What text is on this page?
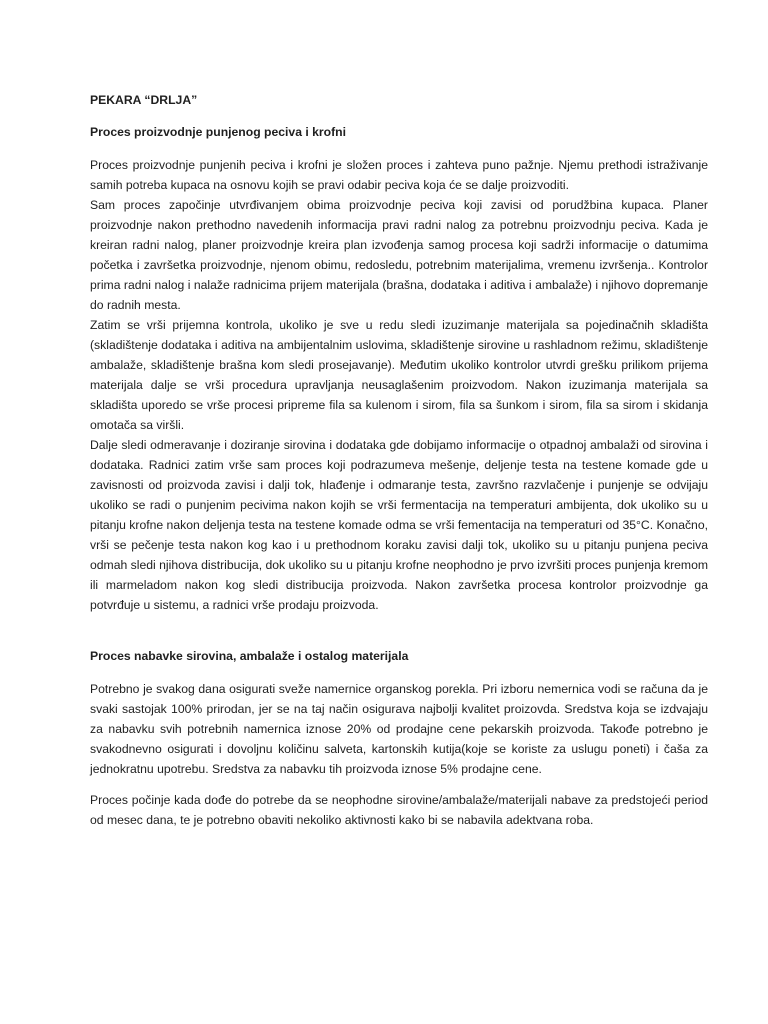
PEKARA “DRLJA”
Proces proizvodnje punjenog peciva i krofni

Proces proizvodnje punjenih peciva i krofni je složen proces i zahteva puno pažnje. Njemu prethodi istraživanje samih potreba kupaca na osnovu kojih se pravi odabir peciva koja će se dalje proizvoditi.

Sam proces započinje utvrđivanjem obima proizvodnje peciva koji zavisi od porudžbina kupaca. Planer proizvodnje nakon prethodno navedenih informacija pravi radni nalog za potrebnu proizvodnju peciva. Kada je kreiran radni nalog, planer proizvodnje kreira plan izvođenja samog procesa koji sadrži informacije o datumima početka i završetka proizvodnje, njenom obimu, redosledu, potrebnim materijalima, vremenu izvršenja.. Kontrolor prima radni nalog i nalaže radnicima prijem materijala (brašna, dodataka i aditiva i ambalaže) i njihovo dopremanje do radnih mesta.

Zatim se vrši prijemna kontrola, ukoliko je sve u redu sledi izuzimanje materijala sa pojedinačnih skladišta (skladištenje dodataka i aditiva na ambijentalnim uslovima, skladištenje sirovine u rashladnom režimu, skladištenje ambalaže, skladištenje brašna kom sledi prosejavanje). Međutim ukoliko kontrolor utvrdi grešku prilikom prijema materijala dalje se vrši procedura upravljanja neusaglašenim proizvodom. Nakon izuzimanja materijala sa skladišta uporedo se vrše procesi pripreme fila sa kulenom i sirom, fila sa šunkom i sirom, fila sa sirom i skidanja omotača sa viršli.

Dalje sledi odmeravanje i doziranje sirovina i dodataka gde dobijamo informacije o otpadnoj ambalaži od sirovina i dodataka. Radnici zatim vrše sam proces koji podrazumeva mešenje, deljenje testa na testene komade gde u zavisnosti od proizvoda zavisi i dalji tok, hlađenje i odmaranje testa, završno razvlačenje i punjenje se odvijaju ukoliko se radi o punjenim pecivima nakon kojih se vrši fermentacija na temperaturi ambijenta, dok ukoliko su u pitanju krofne nakon deljenja testa na testene komade odma se vrši fementacija na temperaturi od 35°C. Konačno, vrši se pečenje testa nakon kog kao i u prethodnom koraku zavisi dalji tok, ukoliko su u pitanju punjena peciva odmah sledi njihova distribucija, dok ukoliko su u pitanju krofne neophodno je prvo izvršiti proces punjenja kremom ili marmeladom nakon kog sledi distribucija proizvoda. Nakon završetka procesa kontrolor proizvodnje ga potvrđuje u sistemu, a radnici vrše prodaju proizvoda.

Proces nabavke sirovina, ambalaže i ostalog materijala

Potrebno je svakog dana osigurati sveže namernice organskog porekla. Pri izboru nemernica vodi se računa da je svaki sastojak 100% prirodan, jer se na taj način osigurava najbolji kvalitet proizovda. Sredstva koja se izdvajaju za nabavku svih potrebnih namernica iznose 20% od prodajne cene pekarskih proizvoda. Takođe potrebno je svakodnevno osigurati i dovoljnu količinu salveta, kartonskih kutija(koje se koriste za uslugu poneti) i čaša za jednokratnu upotrebu. Sredstva za nabavku tih proizvoda iznose 5% prodajne cene.

Proces počinje kada dođe do potrebe da se neophodne sirovine/ambalaže/materijali nabave za predstojeći period od mesec dana, te je potrebno obaviti nekoliko aktivnosti kako bi se nabavila adektvana roba.
